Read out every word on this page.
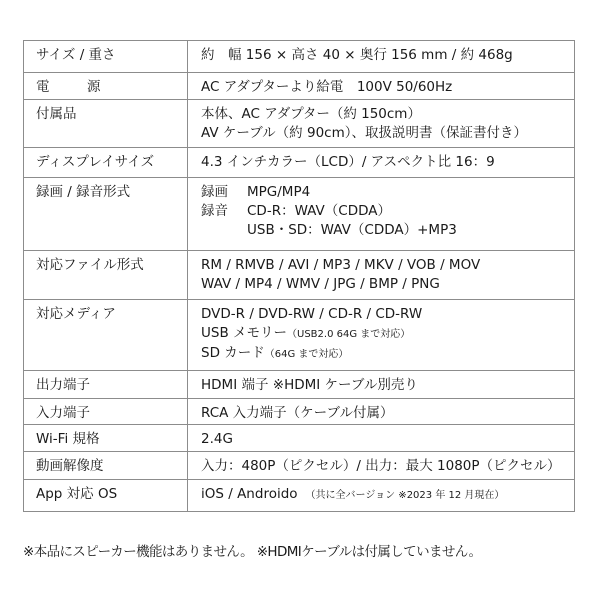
サイズ / 重さ	約　幅 156 × 高さ 40 × 奥行 156 mm / 約 468g

電　源	AC アダプターより給電　100V 50/60Hz

付属品	本体、AC アダプター（約 150cm）
AV ケーブル（約 90cm）、取扱説明書（保証書付き）

ディスプレイサイズ	4.3 インチカラー（LCD）/ アスペクト比 16：9

録画 / 録音形式	録画 MPG/MP4
録音 CD-R：WAV（CDDA）
USB・SD：WAV（CDDA）+MP3

対応ファイル形式	RM / RMVB / AVI / MP3 / MKV / VOB / MOV
WAV / MP4 / WMV / JPG / BMP / PNG

対応メディア	DVD-R / DVD-RW / CD-R / CD-RW
USB メモリー（USB2.0 64G まで対応）
SD カード（64G まで対応）

出力端子	HDMI 端子 ※HDMI ケーブル別売り

入力端子	RCA 入力端子（ケーブル付属）

Wi-Fi 規格	2.4G

動画解像度	入力：480P（ピクセル）/ 出力：最大 1080P（ピクセル）

App 対応 OS	iOS / Androido （共に全バージョン ※2023 年 12 月現在）
※本品にスピーカー機能はありません。 ※HDMIケーブルは付属していません。
